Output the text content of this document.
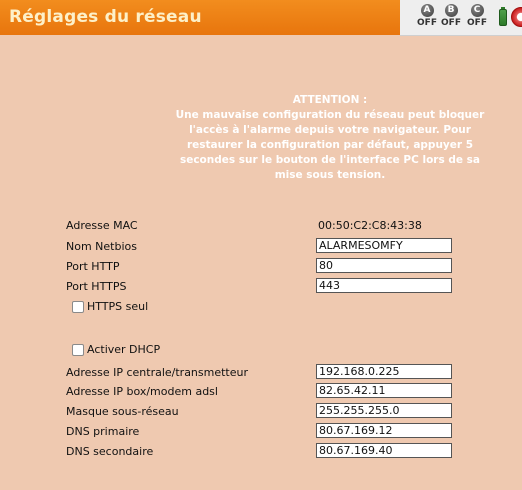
Réglages du réseau	A
OFF
B
OFF
C
OFF
ATTENTION :
Une mauvaise configuration du réseau peut bloquer
l'accès à l'alarme depuis votre navigateur. Pour
restaurer la configuration par défaut, appuyer 5
secondes sur le bouton de l'interface PC lors de sa
mise sous tension.
Adresse MAC	00:50:C2:C8:43:38
Nom Netbios	ALARMESOMFY
Port HTTP	80
Port HTTPS	443
HTTPS seul
Activer DHCP
Adresse IP centrale/transmetteur	192.168.0.225
Adresse IP box/modem adsl	82.65.42.11
Masque sous-réseau	255.255.255.0
DNS primaire	80.67.169.12
DNS secondaire	80.67.169.40
